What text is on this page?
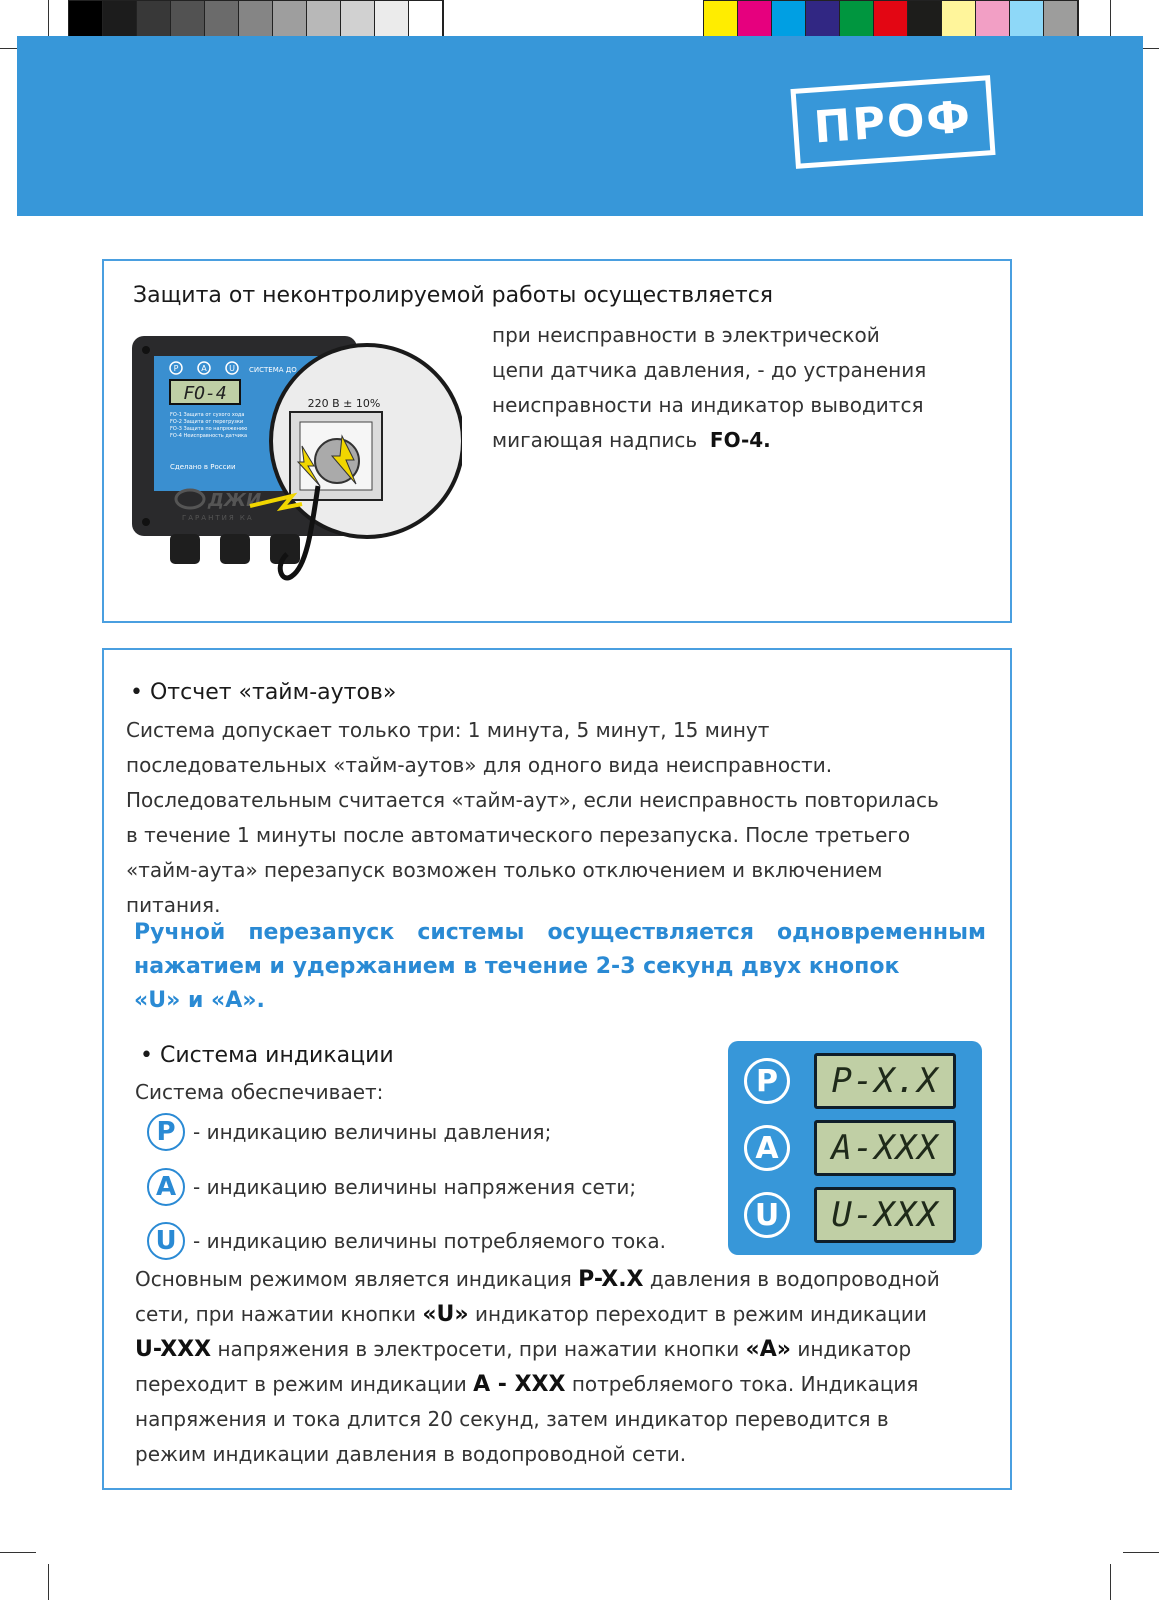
ПРОФ
Защита от неконтролируемой работы осуществляется
P	A	U СИСТЕМА ДО
FO-4
FO-1 Защита от сухого хода
FO-2 Защита от перегрузки
FO-3 Защита по напряжению
FO-4 Неисправность датчика
Сделано в России
ДЖИ
ГАРАНТИЯ КА
220 В ± 10%
при неисправности в электрической
цепи датчика давления, - до устранения
неисправности на индикатор выводится
мигающая надпись FO-4.
• Отсчет «тайм-аутов»
Система допускает только три: 1 минута, 5 минут, 15 минут
последовательных «тайм-аутов» для одного вида неисправности.
Последовательным считается «тайм-аут», если неисправность повторилась
в течение 1 минуты после автоматического перезапуска. После третьего
«тайм-аута» перезапуск возможен только отключением и включением
питания.
Ручной перезапуск системы осуществляется одновременным
нажатием и удержанием в течение 2-3 секунд двух кнопок
«U» и «A».
• Система индикации
Система обеспечивает:
P - индикацию величины давления;
A - индикацию величины напряжения сети;
U - индикацию величины потребляемого тока.
P	P-X.X
A	A-XXX
U	U-XXX
Основным режимом является индикация P-X.X давления в водопроводной
сети, при нажатии кнопки «U» индикатор переходит в режим индикации
U-XXX напряжения в электросети, при нажатии кнопки «A» индикатор
переходит в режим индикации A - XXX потребляемого тока. Индикация
напряжения и тока длится 20 секунд, затем индикатор переводится в
режим индикации давления в водопроводной сети.
